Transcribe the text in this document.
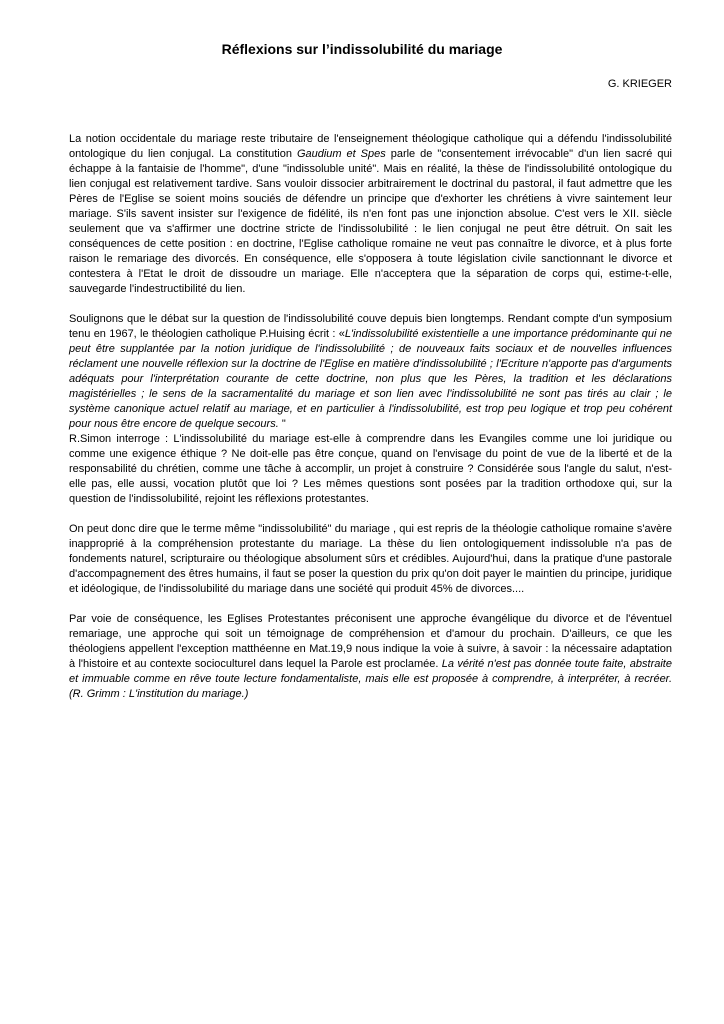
Réflexions sur l’indissolubilité du mariage
G. KRIEGER

La notion occidentale du mariage reste tributaire de l'enseignement théologique catholique qui a défendu l'indissolubilité ontologique du lien conjugal. La constitution Gaudium et Spes parle de "consentement irrévocable" d'un lien sacré qui échappe à la fantaisie de l'homme", d'une "indissoluble unité". Mais en réalité, la thèse de l'indissolubilité ontologique du lien conjugal est relativement tardive. Sans vouloir dissocier arbitrairement le doctrinal du pastoral, il faut admettre que les Pères de l'Eglise se soient moins souciés de défendre un principe que d'exhorter les chrétiens à vivre saintement leur mariage. S'ils savent insister sur l'exigence de fidélité, ils n'en font pas une injonction absolue. C'est vers le XII. siècle seulement que va s'affirmer une doctrine stricte de l'indissolubilité : le lien conjugal ne peut être détruit. On sait les conséquences de cette position : en doctrine, l'Eglise catholique romaine ne veut pas connaître le divorce, et à plus forte raison le remariage des divorcés. En conséquence, elle s'opposera à toute législation civile sanctionnant le divorce et contestera à l'Etat le droit de dissoudre un mariage. Elle n'acceptera que la séparation de corps qui, estime-t-elle, sauvegarde l'indestructibilité du lien.

Soulignons que le débat sur la question de l'indissolubilité couve depuis bien longtemps. Rendant compte d'un symposium tenu en 1967, le théologien catholique P.Huising écrit : «L'indissolubilité existentielle a une importance prédominante qui ne peut être supplantée par la notion juridique de l'indissolubilité ; de nouveaux faits sociaux et de nouvelles influences réclament une nouvelle réflexion sur la doctrine de l'Eglise en matière d'indissolubilité ; l'Ecriture n'apporte pas d'arguments adéquats pour l'interprétation courante de cette doctrine, non plus que les Pères, la tradition et les déclarations magistérielles ; le sens de la sacramentalité du mariage et son lien avec l'indissolubilité ne sont pas tirés au clair ; le système canonique actuel relatif au mariage, et en particulier à l'indissolubilité, est trop peu logique et trop peu cohérent pour nous être encore de quelque secours. "

R.Simon interroge : L'indissolubilité du mariage est-elle à comprendre dans les Evangiles comme une loi juridique ou comme une exigence éthique ? Ne doit-elle pas être conçue, quand on l'envisage du point de vue de la liberté et de la responsabilité du chrétien, comme une tâche à accomplir, un projet à construire ? Considérée sous l'angle du salut, n'est-elle pas, elle aussi, vocation plutôt que loi ? Les mêmes questions sont posées par la tradition orthodoxe qui, sur la question de l'indissolubilité, rejoint les réflexions protestantes.

On peut donc dire que le terme même "indissolubilité" du mariage , qui est repris de la théologie catholique romaine s'avère inapproprié à la compréhension protestante du mariage. La thèse du lien ontologiquement indissoluble n'a pas de fondements naturel, scripturaire ou théologique absolument sûrs et crédibles. Aujourd'hui, dans la pratique d'une pastorale d'accompagnement des êtres humains, il faut se poser la question du prix qu'on doit payer le maintien du principe, juridique et idéologique, de l'indissolubilité du mariage dans une société qui produit 45% de divorces....

Par voie de conséquence, les Eglises Protestantes préconisent une approche évangélique du divorce et de l'éventuel remariage, une approche qui soit un témoignage de compréhension et d'amour du prochain. D'ailleurs, ce que les théologiens appellent l'exception matthéenne en Mat.19,9 nous indique la voie à suivre, à savoir : la nécessaire adaptation à l'histoire et au contexte socioculturel dans lequel la Parole est proclamée. La vérité n'est pas donnée toute faite, abstraite et immuable comme en rêve toute lecture fondamentaliste, mais elle est proposée à comprendre, à interpréter, à recréer. (R. Grimm : L'institution du mariage.)
